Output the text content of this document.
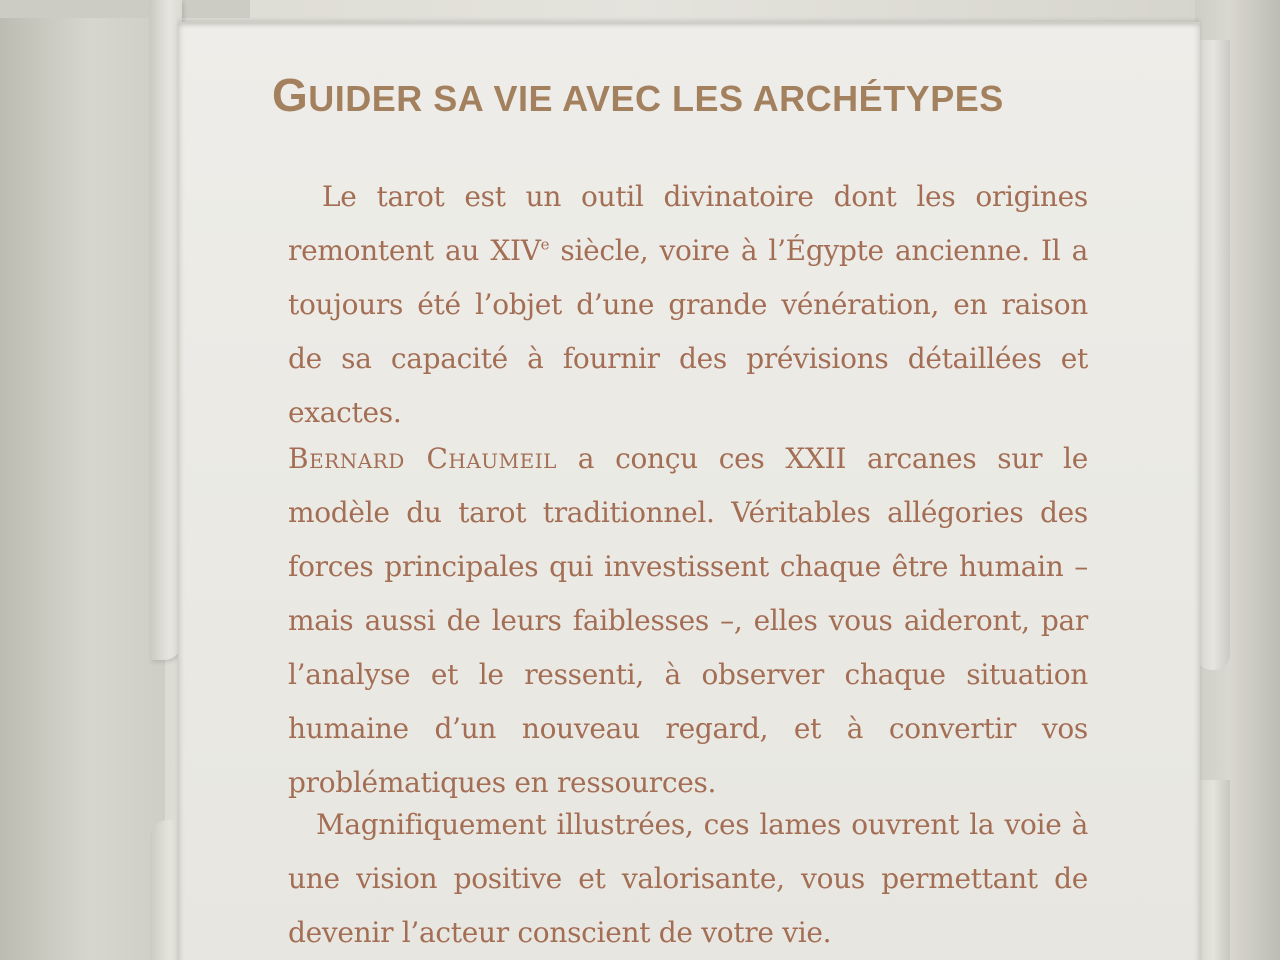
GUIDER SA VIE AVEC LES ARCHÉTYPES

Le tarot est un outil divinatoire dont les origines remontent au XIVe siècle, voire à l’Égypte ancienne. Il a toujours été l’objet d’une grande vénération, en raison de sa capacité à fournir des prévisions détaillées et exactes.

Bernard Chaumeil a conçu ces XXII arcanes sur le modèle du tarot traditionnel. Véritables allégories des forces principales qui investissent chaque être humain – mais aussi de leurs faiblesses –, elles vous aideront, par l’analyse et le ressenti, à observer chaque situation humaine d’un nouveau regard, et à convertir vos problématiques en ressources.

Magnifiquement illustrées, ces lames ouvrent la voie à une vision positive et valorisante, vous permettant de devenir l’acteur conscient de votre vie.
